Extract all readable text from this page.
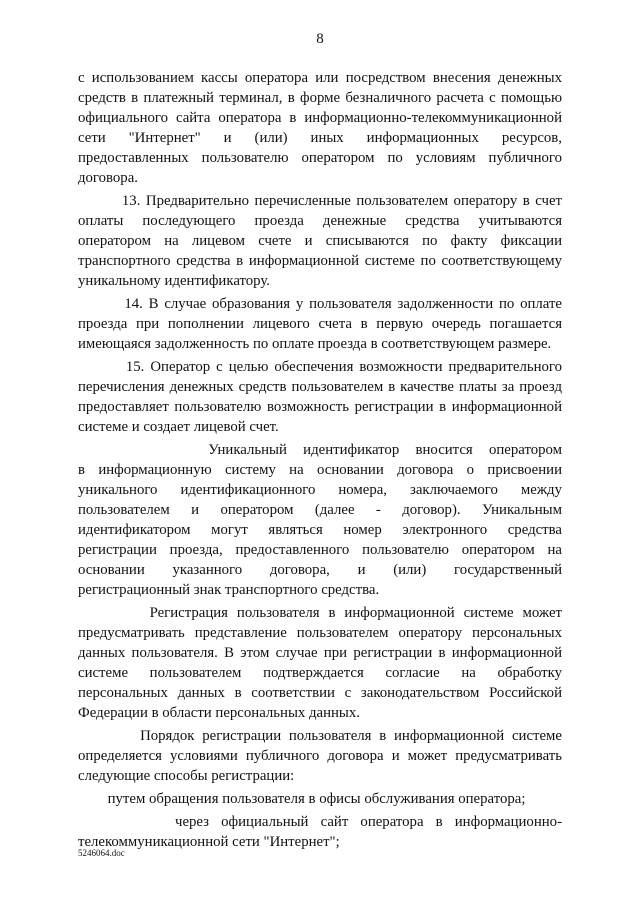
8
с использованием кассы оператора или посредством внесения денежных
средств в платежный терминал, в форме безналичного расчета с помощью
официального сайта оператора в информационно-телекоммуникационной
сети "Интернет" и (или) иных информационных ресурсов,
предоставленных пользователю оператором по условиям публичного
договора.
13. Предварительно перечисленные пользователем оператору в счет
оплаты последующего проезда денежные средства учитываются
оператором на лицевом счете и списываются по факту фиксации
транспортного средства в информационной системе по соответствующему
уникальному идентификатору.
14. В случае образования у пользователя задолженности по оплате
проезда при пополнении лицевого счета в первую очередь погашается
имеющаяся задолженность по оплате проезда в соответствующем размере.
15. Оператор с целью обеспечения возможности предварительного
перечисления денежных средств пользователем в качестве платы за проезд
предоставляет пользователю возможность регистрации в информационной
системе и создает лицевой счет.
Уникальный идентификатор вносится оператором
в информационную систему на основании договора о присвоении
уникального идентификационного номера, заключаемого между
пользователем и оператором (далее - договор). Уникальным
идентификатором могут являться номер электронного средства
регистрации проезда, предоставленного пользователю оператором на
основании указанного договора, и (или) государственный
регистрационный знак транспортного средства.
Регистрация пользователя в информационной системе может
предусматривать представление пользователем оператору персональных
данных пользователя. В этом случае при регистрации в информационной
системе пользователем подтверждается согласие на обработку
персональных данных в соответствии с законодательством Российской
Федерации в области персональных данных.
Порядок регистрации пользователя в информационной системе
определяется условиями публичного договора и может предусматривать
следующие способы регистрации:
путем обращения пользователя в офисы обслуживания оператора;
через официальный сайт оператора в информационно-
телекоммуникационной сети "Интернет";
5246064.doc
